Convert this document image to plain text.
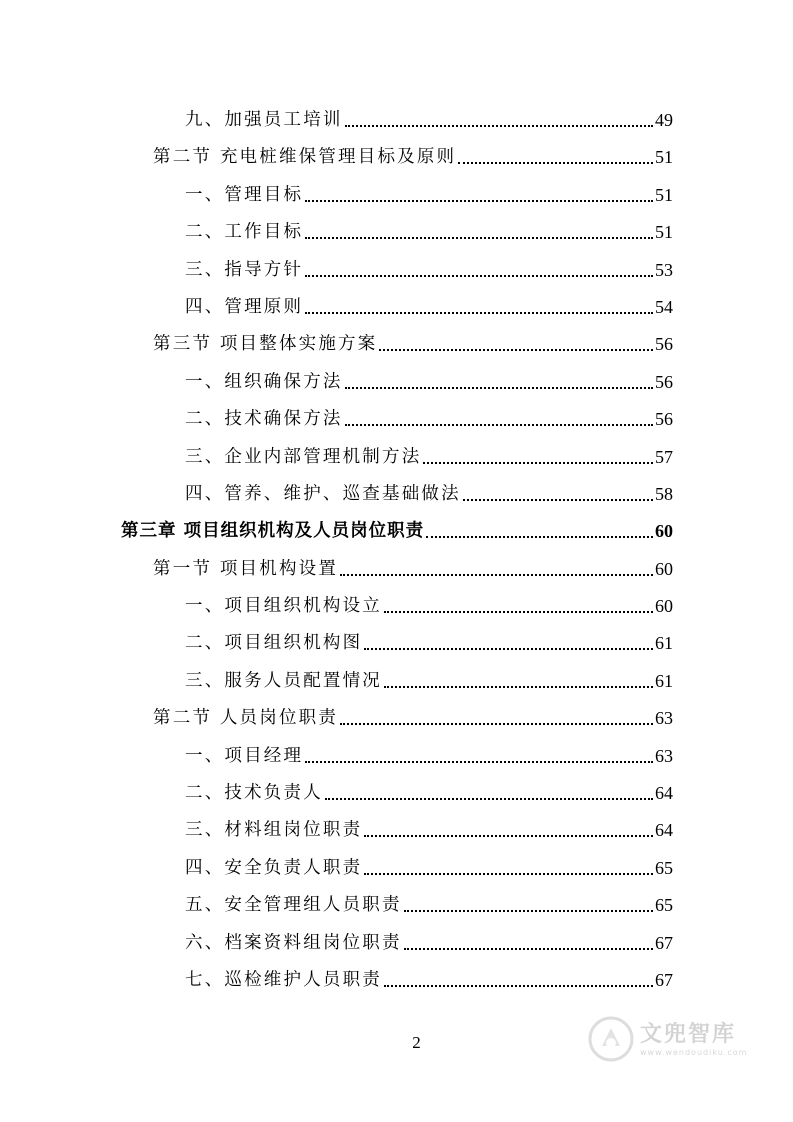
九、加强员工培训	49
第二节 充电桩维保管理目标及原则	51
一、管理目标	51
二、工作目标	51
三、指导方针	53
四、管理原则	54
第三节 项目整体实施方案	56
一、组织确保方法	56
二、技术确保方法	56
三、企业内部管理机制方法	57
四、管养、维护、巡查基础做法	58
第三章 项目组织机构及人员岗位职责	60
第一节 项目机构设置	60
一、项目组织机构设立	60
二、项目组织机构图	61
三、服务人员配置情况	61
第二节 人员岗位职责	63
一、项目经理	63
二、技术负责人	64
三、材料组岗位职责	64
四、安全负责人职责	65
五、安全管理组人员职责	65
六、档案资料组岗位职责	67
七、巡检维护人员职责	67
2	文兜智库
www.wendoudiku.com
